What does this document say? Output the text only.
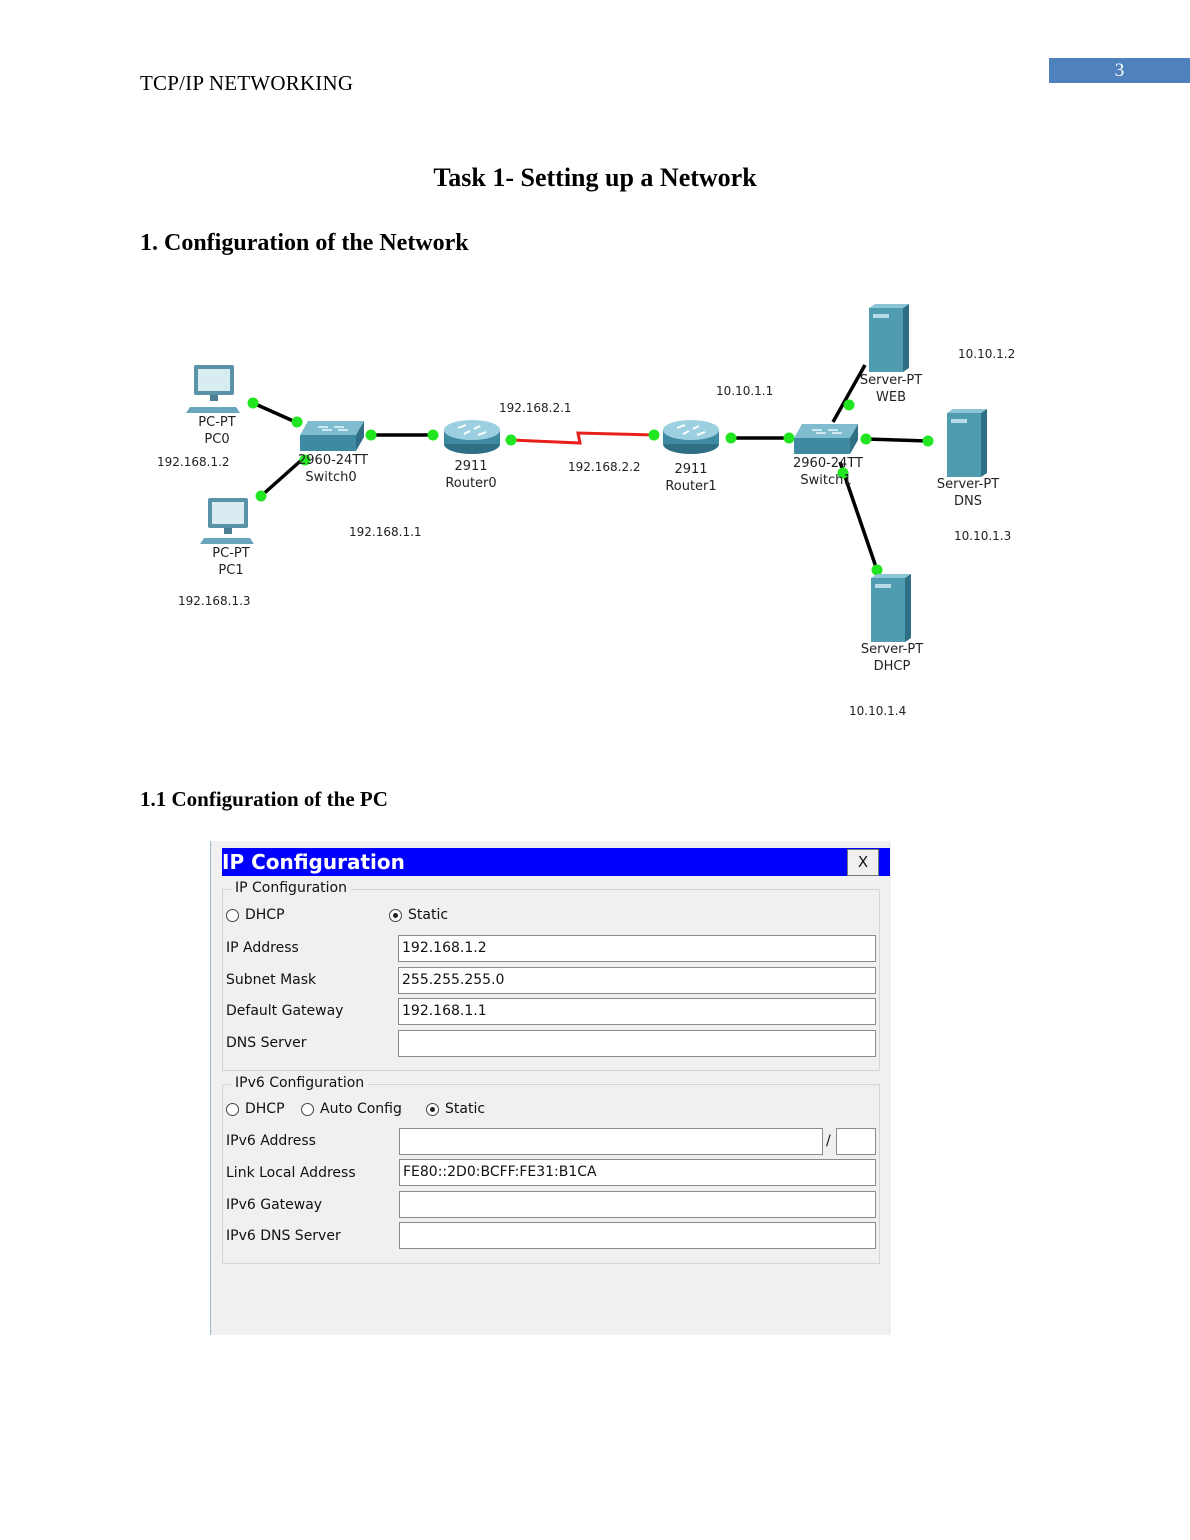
3
TCP/IP NETWORKING
Task 1- Setting up a Network
1. Configuration of the Network
PC-PT
PC0
192.168.1.2
PC-PT
PC1
192.168.1.3
2960-24TT
Switch0
192.168.1.1
2911
Router0
192.168.2.1
2911
Router1
192.168.2.2	2960-24TT
Switch1
10.10.1.1
Server-PT
WEB
10.10.1.2
Server-PT
DNS
10.10.1.3
Server-PT
DHCP
10.10.1.4
1.1 Configuration of the PC
IP Configuration	X
IP Configuration
DHCP	Static
IP Address	192.168.1.2
Subnet Mask	255.255.255.0
Default Gateway	192.168.1.1
DNS Server
IPv6 Configuration
DHCP	Auto Config	Static
IPv6 Address	/
Link Local Address	FE80::2D0:BCFF:FE31:B1CA
IPv6 Gateway
IPv6 DNS Server
